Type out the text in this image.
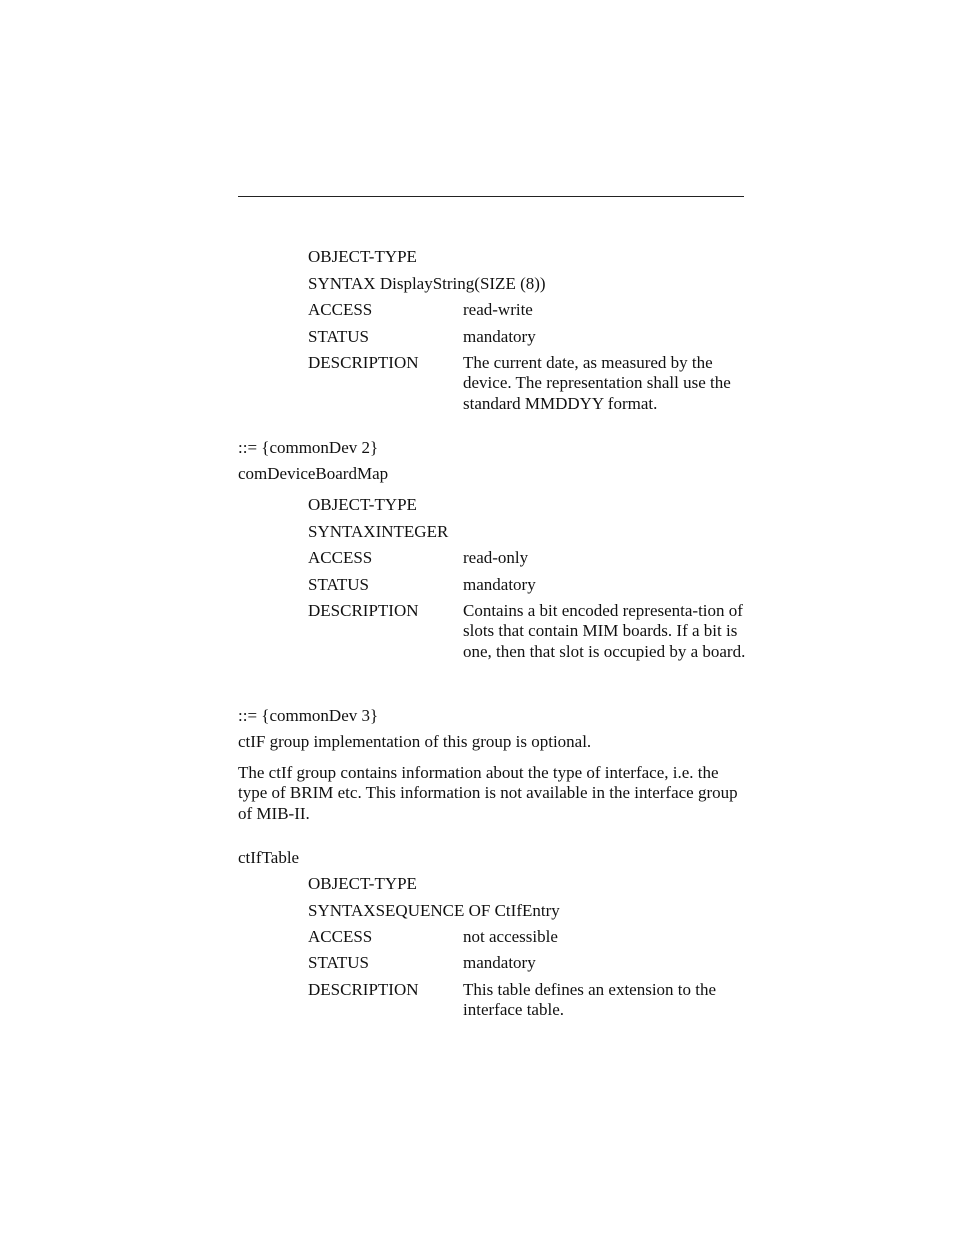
OBJECT-TYPE
SYNTAX DisplayString(SIZE (8))
ACCESS	read-write
STATUS	mandatory
DESCRIPTION	The current date, as measured by the device. The representation shall use the standard MMDDYY format.
::= {commonDev 2}
comDeviceBoardMap
OBJECT-TYPE
SYNTAXINTEGER
ACCESS	read-only
STATUS	mandatory
DESCRIPTION	Contains a bit encoded representa-tion of slots that contain MIM boards. If a bit is one, then that slot is occupied by a board.
::= {commonDev 3}
ctIF group implementation of this group is optional.
The ctIf group contains information about the type of interface, i.e. the type of BRIM etc. This information is not available in the interface group of MIB-II.
ctIfTable
OBJECT-TYPE
SYNTAXSEQUENCE OF CtIfEntry
ACCESS	not accessible
STATUS	mandatory
DESCRIPTION	This table defines an extension to the interface table.
